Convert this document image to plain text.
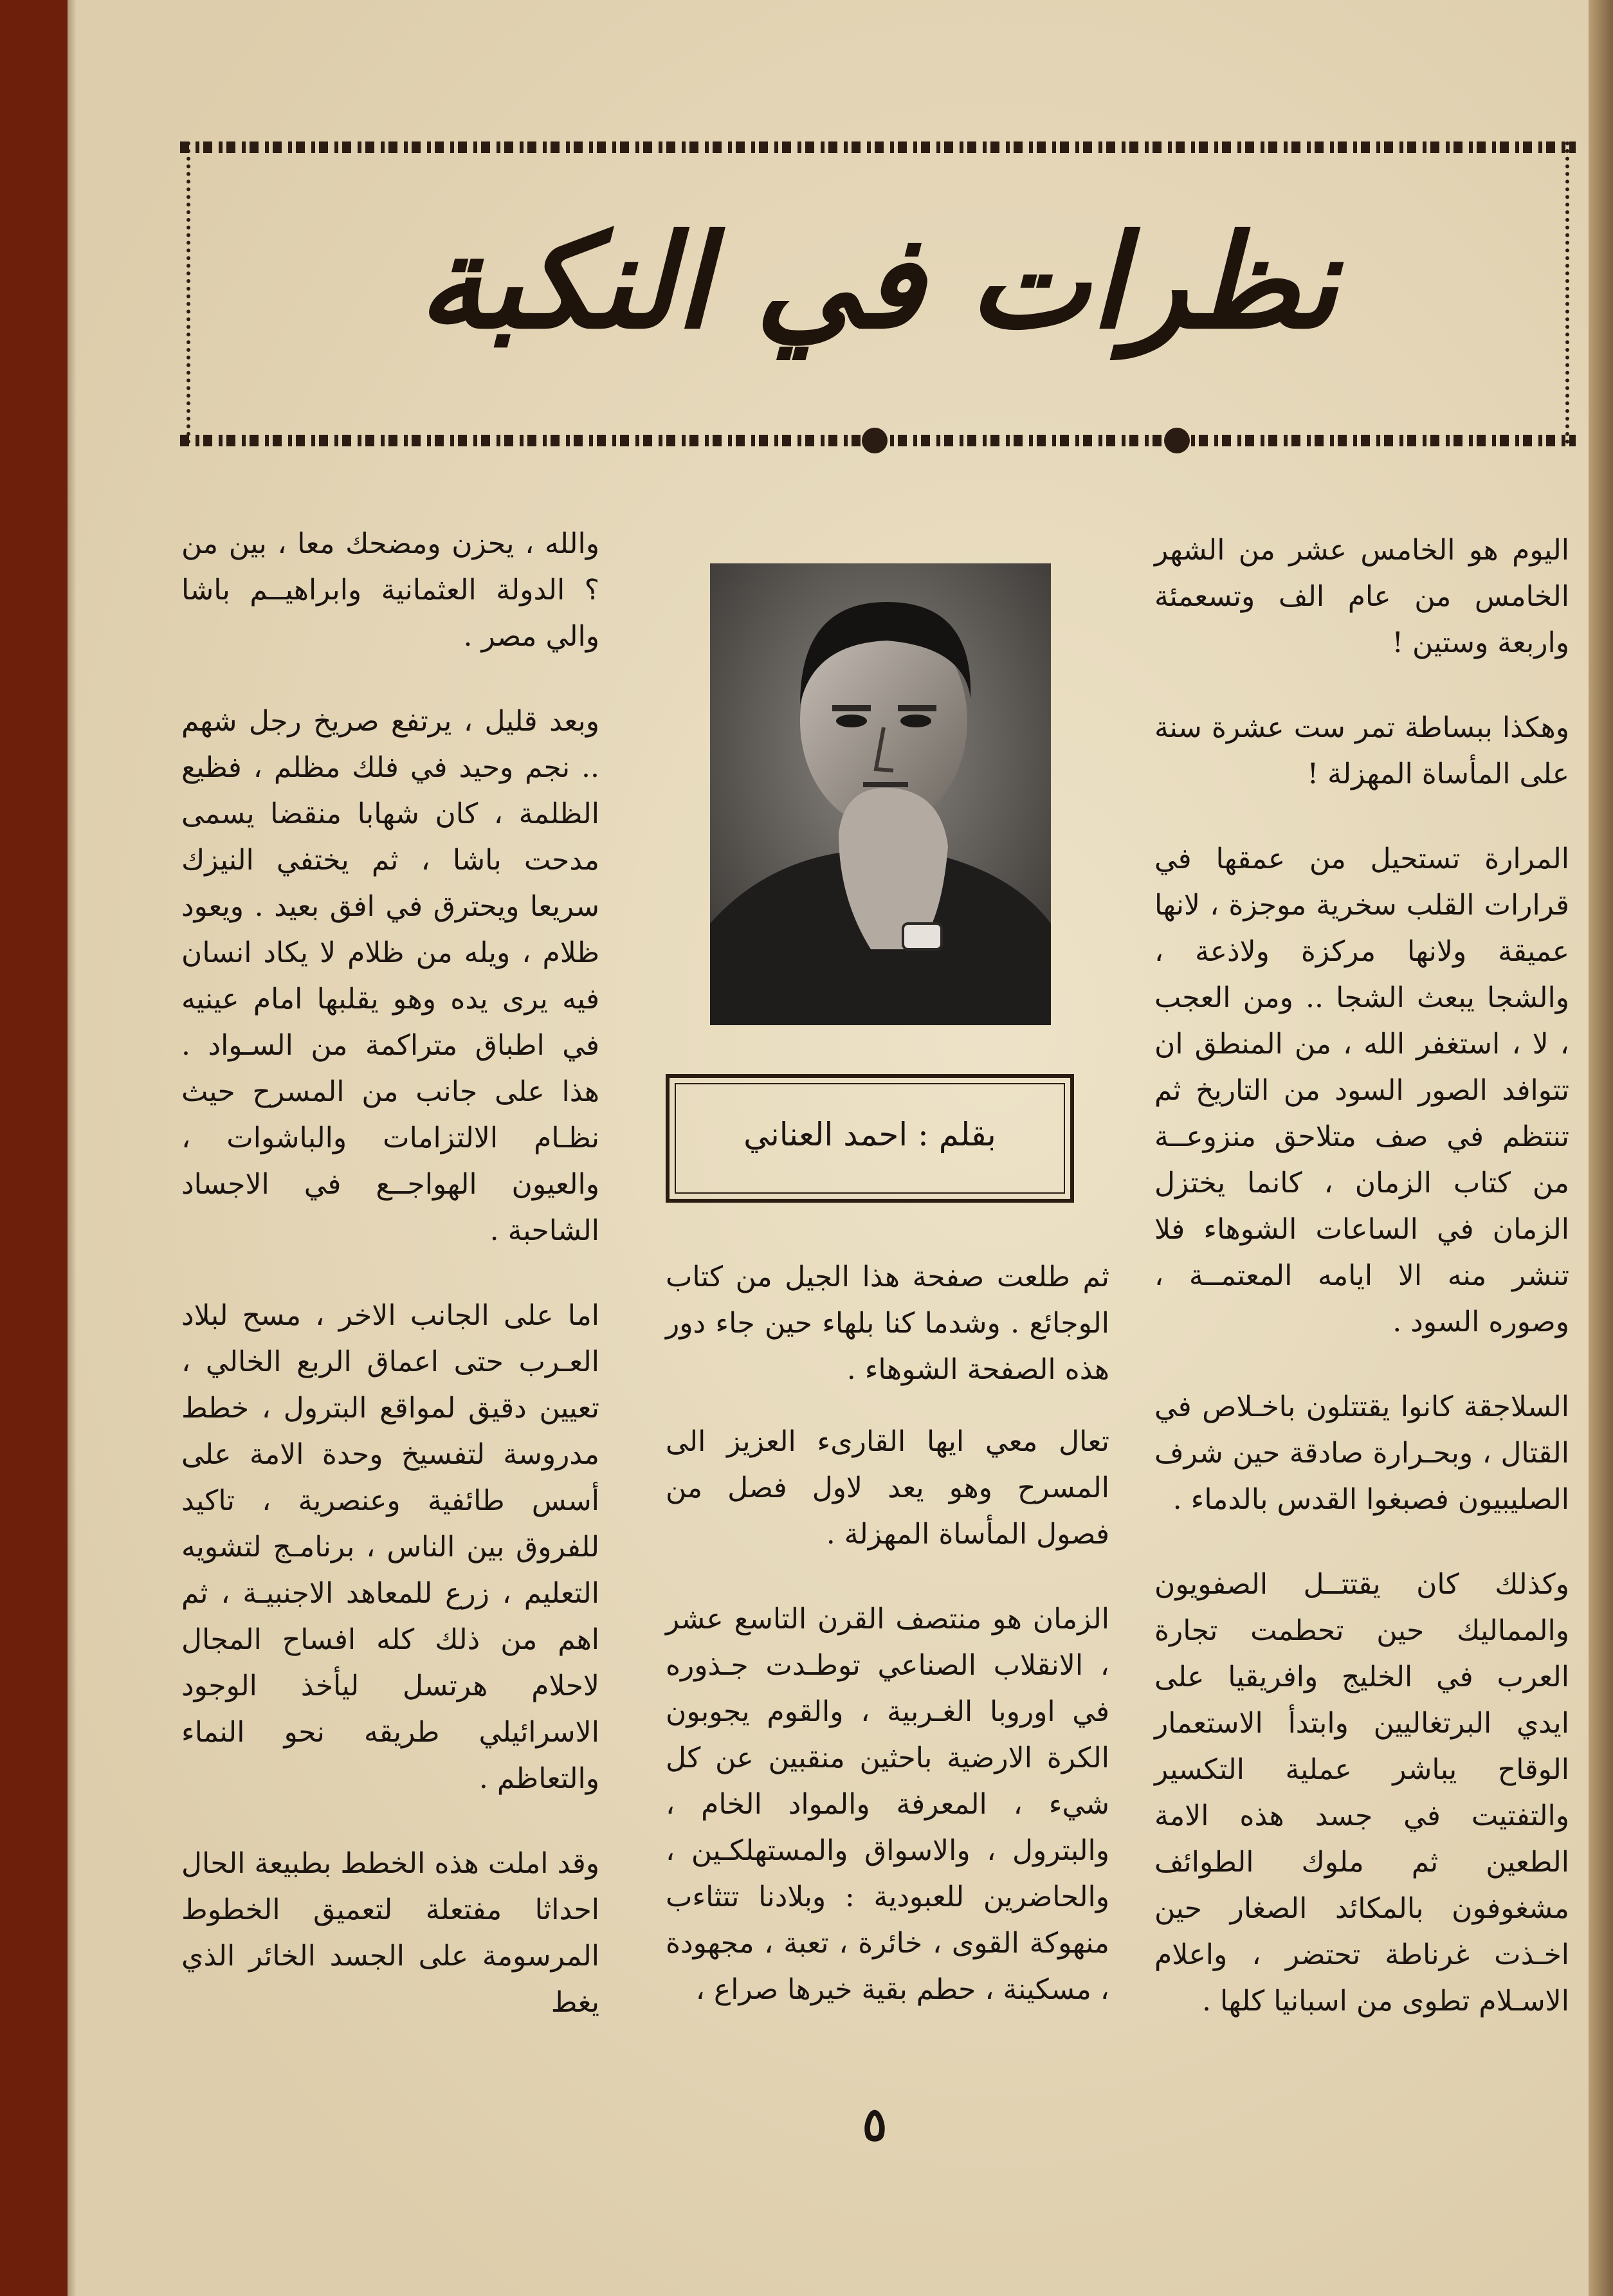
نظرات في النكبة

اليوم هو الخامس عشر من الشهر الخامس من عام الف وتسعمئة واربعة وستين !

وهكذا ببساطة تمر ست عشرة سنة على المأساة المهزلة !

المرارة تستحيل من عمقها في قرارات القلب سخرية موجزة ، لانها عميقة ولانها مركزة ولاذعة ، والشجا يبعث الشجا .. ومن العجب ، لا ، استغفر الله ، من المنطق ان تتوافد الصور السود من التاريخ ثم تنتظم في صف متلاحق منزوعــة من كتاب الزمان ، كانما يختزل الزمان في الساعات الشوهاء فلا تنشر منه الا ايامه المعتمــة ، وصوره السود .

السلاجقة كانوا يقتتلون باخـلاص في القتال ، وبحـرارة صادقة حين شرف الصليبيون فصبغوا القدس بالدماء .

وكذلك كان يقتتــل الصفويون والمماليك حين تحطمت تجارة العرب في الخليج وافريقيا على ايدي البرتغاليين وابتدأ الاستعمار الوقاح يباشر عملية التكسير والتفتيت في جسد هذه الامة الطعين ثم ملوك الطوائف مشغوفون بالمكائد الصغار حين اخـذت غرناطة تحتضر ، واعلام الاسـلام تطوى من اسبانيا كلها .

بقلم : احمد العناني

ثم طلعت صفحة هذا الجيل من كتاب الوجائع . وشدما كنا بلهاء حين جاء دور هذه الصفحة الشوهاء .

تعال معي ايها القارىء العزيز الى المسرح وهو يعد لاول فصل من فصول المأساة المهزلة .

الزمان هو منتصف القرن التاسع عشر ، الانقلاب الصناعي توطـدت جـذوره في اوروبا الغـربية ، والقوم يجوبون الكرة الارضية باحثين منقبين عن كل شيء ، المعرفة والمواد الخام ، والبترول ، والاسواق والمستهلكـين ، والحاضرين للعبودية : وبلادنا تتثاءب منهوكة القوى ، خائرة ، تعبة ، مجهودة ، مسكينة ، حطم بقية خيرها صراع ،

والله ، يحزن ومضحك معا ، بين من ؟ الدولة العثمانية وابراهيــم باشا والي مصر .

وبعد قليل ، يرتفع صريخ رجل شهم .. نجم وحيد في فلك مظلم ، فظيع الظلمة ، كان شهابا منقضا يسمى مدحت باشا ، ثم يختفي النيزك سريعا ويحترق في افق بعيد . ويعود ظلام ، ويله من ظلام لا يكاد انسان فيه يرى يده وهو يقلبها امام عينيه في اطباق متراكمة من السـواد . هذا على جانب من المسرح حيث نظـام الالتزامات والباشوات ، والعيون الهواجــع في الاجساد الشاحبة .

اما على الجانب الاخر ، مسح لبلاد العـرب حتى اعماق الربع الخالي ، تعيين دقيق لمواقع البترول ، خطط مدروسة لتفسيخ وحدة الامة على أسس طائفية وعنصرية ، تاكيد للفروق بين الناس ، برنامـج لتشويه التعليم ، زرع للمعاهد الاجنبيـة ، ثم اهم من ذلك كله افساح المجال لاحلام هرتسل ليأخذ الوجود الاسرائيلي طريقه نحو النماء والتعاظم .

وقد املت هذه الخطط بطبيعة الحال احداثا مفتعلة لتعميق الخطوط المرسومة على الجسد الخائر الذي يغط

٥
